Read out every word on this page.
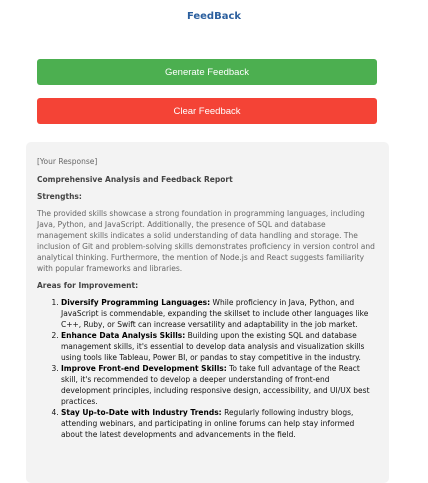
FeedBack
Generate Feedback
Clear Feedback

[Your Response]

Comprehensive Analysis and Feedback Report

Strengths:

The provided skills showcase a strong foundation in programming languages, including Java, Python, and JavaScript. Additionally, the presence of SQL and database management skills indicates a solid understanding of data handling and storage. The inclusion of Git and problem-solving skills demonstrates proficiency in version control and analytical thinking. Furthermore, the mention of Node.js and React suggests familiarity with popular frameworks and libraries.

Areas for Improvement:

1. Diversify Programming Languages: While proficiency in Java, Python, and JavaScript is commendable, expanding the skillset to include other languages like C++, Ruby, or Swift can increase versatility and adaptability in the job market.
2. Enhance Data Analysis Skills: Building upon the existing SQL and database management skills, it's essential to develop data analysis and visualization skills using tools like Tableau, Power BI, or pandas to stay competitive in the industry.
3. Improve Front-end Development Skills: To take full advantage of the React skill, it's recommended to develop a deeper understanding of front-end development principles, including responsive design, accessibility, and UI/UX best practices.
4. Stay Up-to-Date with Industry Trends: Regularly following industry blogs, attending webinars, and participating in online forums can help stay informed about the latest developments and advancements in the field.
